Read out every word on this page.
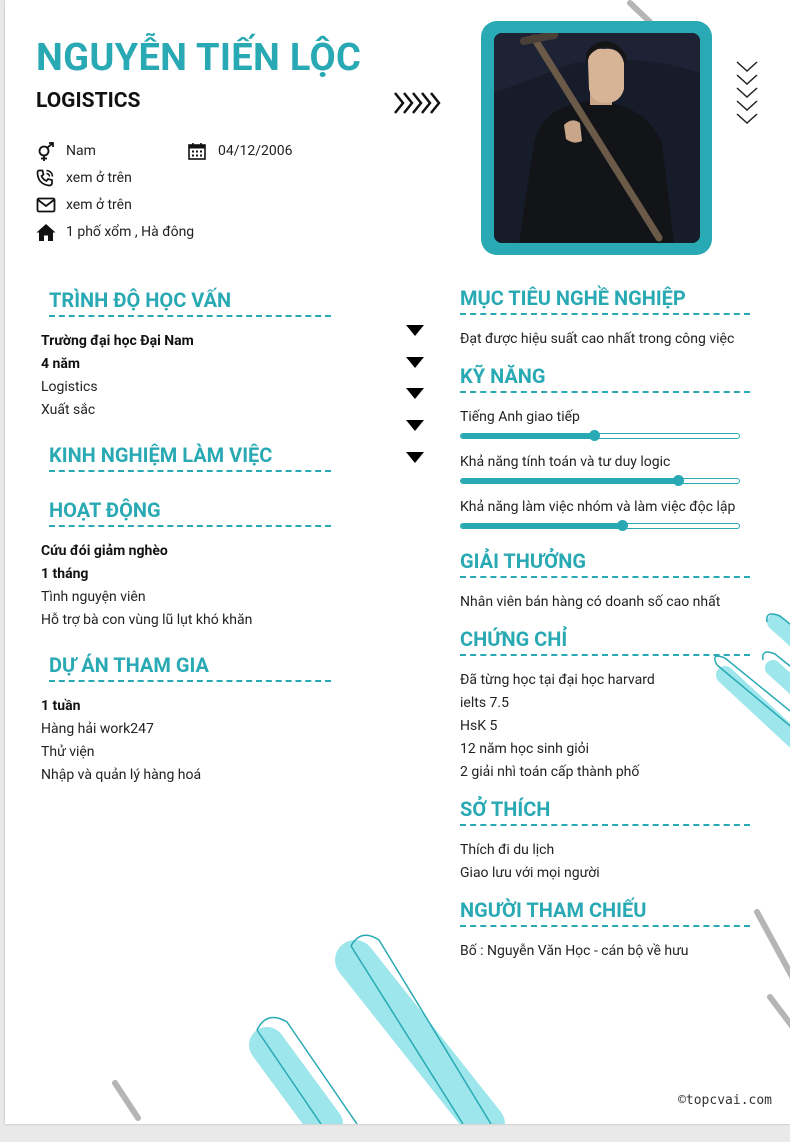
NGUYỄN TIẾN LỘC
LOGISTICS
Nam	04/12/2006
xem ở trên
xem ở trên
1 phố xổm , Hà đông
TRÌNH ĐỘ HỌC VẤN
Trường đại học Đại Nam
4 năm
Logistics
Xuất sắc
KINH NGHIỆM LÀM VIỆC
HOẠT ĐỘNG
Cứu đói giảm nghèo
1 tháng
Tình nguyện viên
Hỗ trợ bà con vùng lũ lụt khó khăn
DỰ ÁN THAM GIA
1 tuần
Hàng hải work247
Thử viện
Nhập và quản lý hàng hoá
MỤC TIÊU NGHỀ NGHIỆP
Đạt được hiệu suất cao nhất trong công việc
KỸ NĂNG
Tiếng Anh giao tiếp
Khả năng tính toán và tư duy logic
Khả năng làm việc nhóm và làm việc độc lập
GIẢI THƯỞNG
Nhân viên bán hàng có doanh số cao nhất
CHỨNG CHỈ
Đã từng học tại đại học harvard
ielts 7.5
HsK 5
12 năm học sinh giỏi
2 giải nhì toán cấp thành phố
SỞ THÍCH
Thích đi du lịch
Giao lưu với mọi người
NGƯỜI THAM CHIẾU
Bố : Nguyễn Văn Học - cán bộ về hưu
©topcvai.com
